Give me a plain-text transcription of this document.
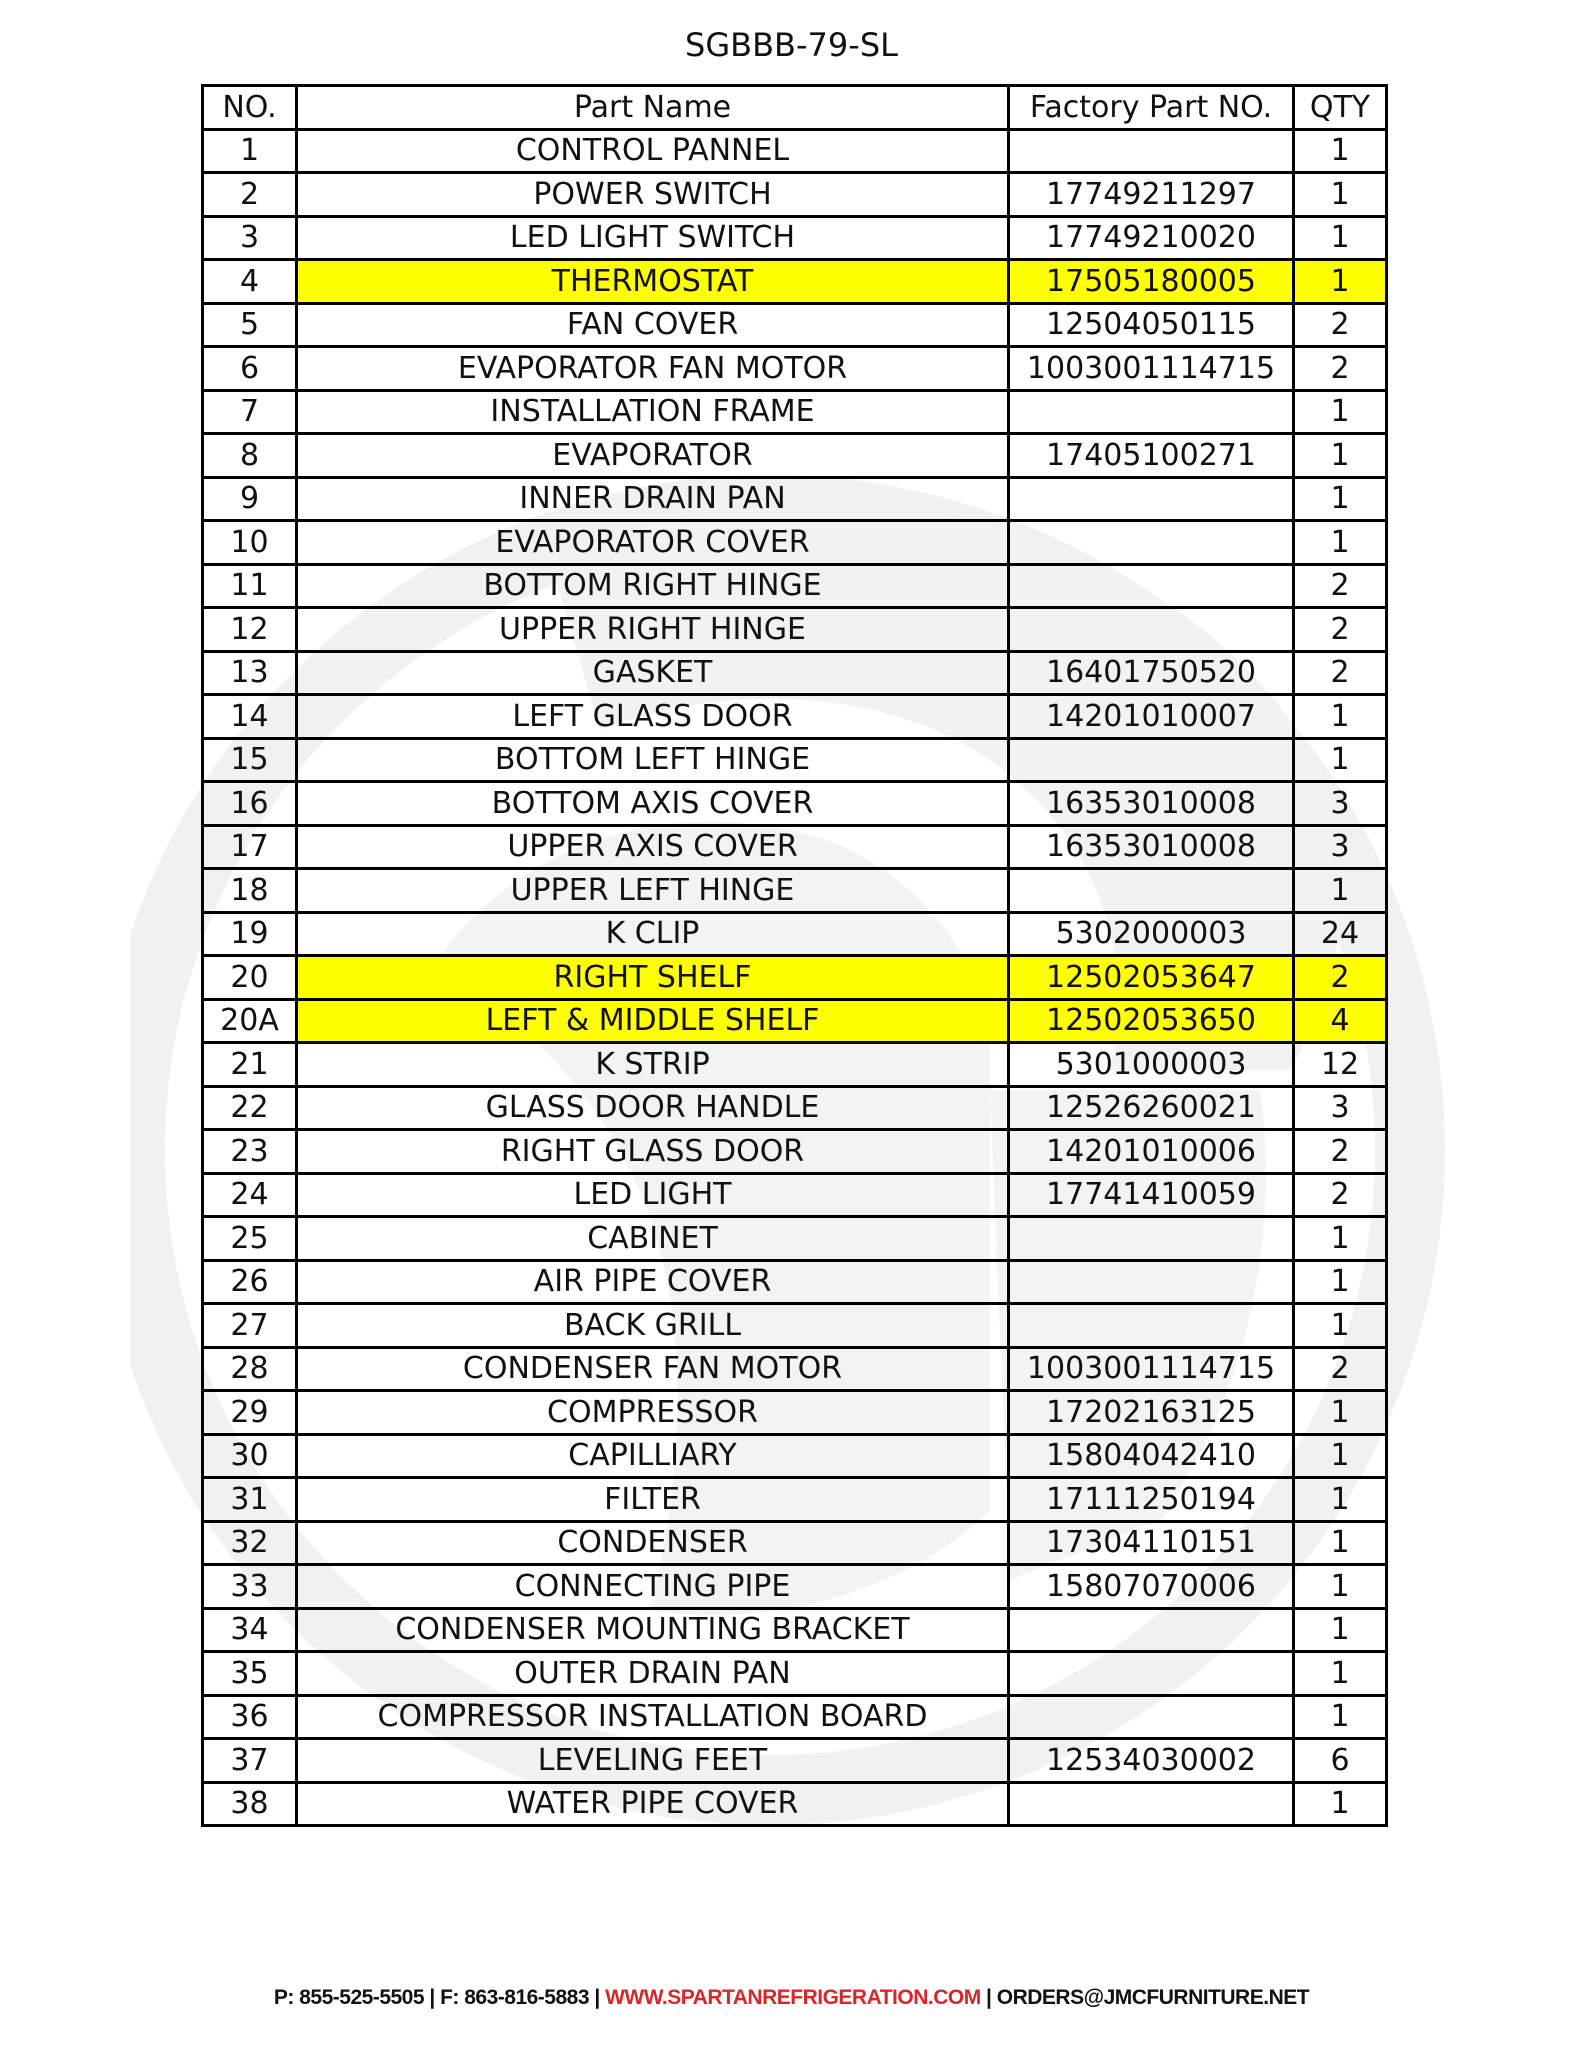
SGBBB-79-SL
NO.	Part Name	Factory Part NO.	QTY
1	CONTROL PANNEL		1
2	POWER SWITCH	17749211297	1
3	LED LIGHT SWITCH	17749210020	1
4	THERMOSTAT	17505180005	1
5	FAN COVER	12504050115	2
6	EVAPORATOR FAN MOTOR	1003001114715	2
7	INSTALLATION FRAME		1
8	EVAPORATOR	17405100271	1
9	INNER DRAIN PAN		1
10	EVAPORATOR COVER		1
11	BOTTOM RIGHT HINGE		2
12	UPPER RIGHT HINGE		2
13	GASKET	16401750520	2
14	LEFT GLASS DOOR	14201010007	1
15	BOTTOM LEFT HINGE		1
16	BOTTOM AXIS COVER	16353010008	3
17	UPPER AXIS COVER	16353010008	3
18	UPPER LEFT HINGE		1
19	K CLIP	5302000003	24
20	RIGHT SHELF	12502053647	2
20A	LEFT & MIDDLE SHELF	12502053650	4
21	K STRIP	5301000003	12
22	GLASS DOOR HANDLE	12526260021	3
23	RIGHT GLASS DOOR	14201010006	2
24	LED LIGHT	17741410059	2
25	CABINET		1
26	AIR PIPE COVER		1
27	BACK GRILL		1
28	CONDENSER FAN MOTOR	1003001114715	2
29	COMPRESSOR	17202163125	1
30	CAPILLIARY	15804042410	1
31	FILTER	17111250194	1
32	CONDENSER	17304110151	1
33	CONNECTING PIPE	15807070006	1
34	CONDENSER MOUNTING BRACKET		1
35	OUTER DRAIN PAN		1
36	COMPRESSOR INSTALLATION BOARD		1
37	LEVELING FEET	12534030002	6
38	WATER PIPE COVER		1
P: 855-525-5505 | F: 863-816-5883 | WWW.SPARTANREFRIGERATION.COM | ORDERS@JMCFURNITURE.NET
